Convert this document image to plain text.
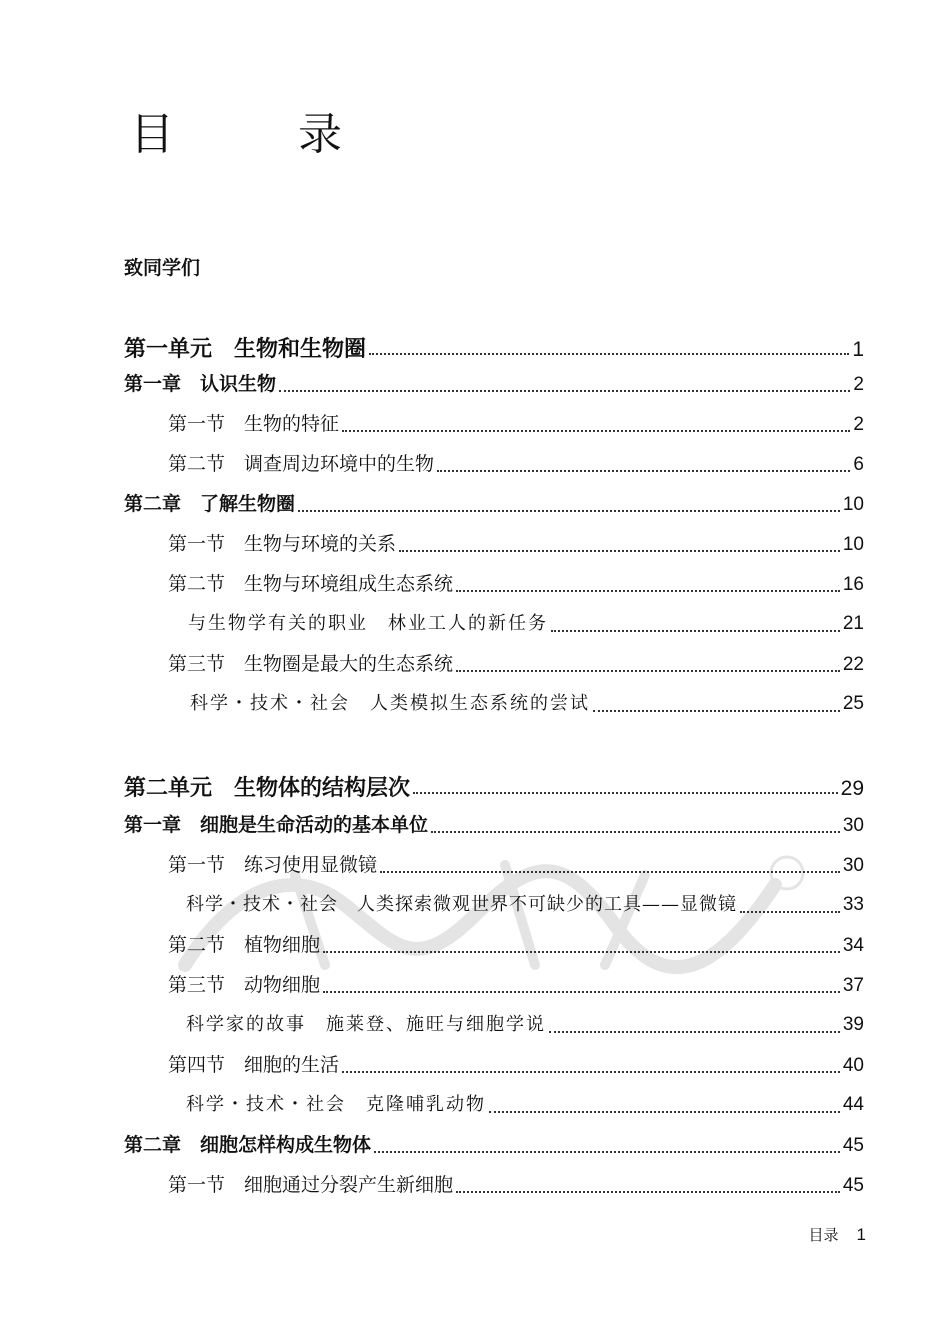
目　录
致同学们
第一单元　生物和生物圈	1
第一章　认识生物	2
第一节　生物的特征	2
第二节　调查周边环境中的生物	6
第二章　了解生物圈	10
第一节　生物与环境的关系	10
第二节　生物与环境组成生态系统	16
与生物学有关的职业　林业工人的新任务	21
第三节　生物圈是最大的生态系统	22
科学・技术・社会　人类模拟生态系统的尝试	25
第二单元　生物体的结构层次	29
第一章　细胞是生命活动的基本单位	30
第一节　练习使用显微镜	30
科学・技术・社会　人类探索微观世界不可缺少的工具——显微镜	33
第二节　植物细胞	34
第三节　动物细胞	37
科学家的故事　施莱登、施旺与细胞学说	39
第四节　细胞的生活	40
科学・技术・社会　克隆哺乳动物	44
第二章　细胞怎样构成生物体	45
第一节　细胞通过分裂产生新细胞	45
目录 1
